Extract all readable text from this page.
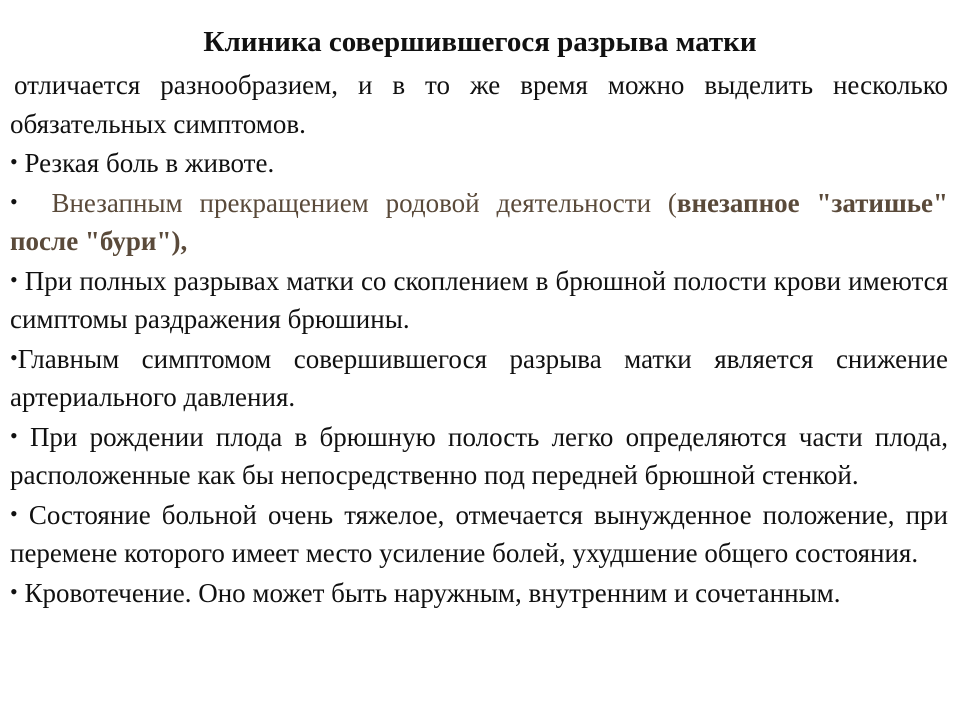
Клиника совершившегося разрыва матки

отличается разнообразием, и в то же время можно выделить несколько обязательных симптомов.

• Резкая боль в животе.

• Внезапным прекращением родовой деятельности (внезапное "затишье" после "бури"),

• При полных разрывах матки со скоплением в брюшной полости крови имеются симптомы раздражения брюшины.

•Главным симптомом совершившегося разрыва матки является снижение артериального давления.

• При рождении плода в брюшную полость легко определяются части плода, расположенные как бы непосредственно под передней брюшной стенкой.

• Состояние больной очень тяжелое, отмечается вынужденное положение, при перемене которого имеет место усиление болей, ухудшение общего состояния.

• Кровотечение. Оно может быть наружным, внутренним и сочетанным.
